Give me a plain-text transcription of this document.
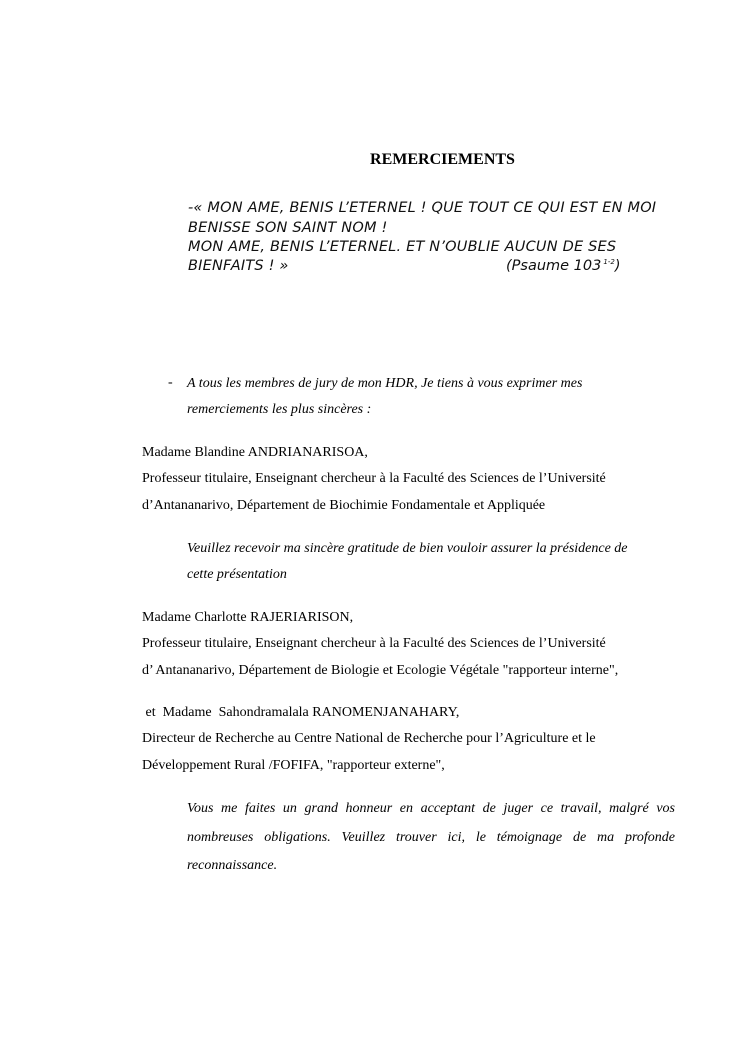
REMERCIEMENTS
-« MON AME, BENIS L’ETERNEL ! QUE TOUT CE QUI EST EN MOI
BENISSE SON SAINT NOM !
MON AME, BENIS L’ETERNEL. ET N’OUBLIE AUCUN DE SES
BIENFAITS ! »	(Psaume 103 $^{1-2}$)
- A tous les membres de jury de mon HDR, Je tiens à vous exprimer mes
remerciements les plus sincères :
Madame Blandine ANDRIANARISOA,
Professeur titulaire, Enseignant chercheur à la Faculté des Sciences de l’Université
d’Antananarivo, Département de Biochimie Fondamentale et Appliquée
Veuillez recevoir ma sincère gratitude de bien vouloir assurer la présidence de
cette présentation
Madame Charlotte RAJERIARISON,
Professeur titulaire, Enseignant chercheur à la Faculté des Sciences de l’Université
d’ Antananarivo, Département de Biologie et Ecologie Végétale "rapporteur interne",
et  Madame  Sahondramalala RANOMENJANAHARY,
Directeur de Recherche au Centre National de Recherche pour l’Agriculture et le
Développement Rural /FOFIFA, "rapporteur externe",
Vous me faites un grand honneur en acceptant de juger ce travail, malgré vos nombreuses obligations. Veuillez trouver ici, le témoignage de ma profonde reconnaissance.
